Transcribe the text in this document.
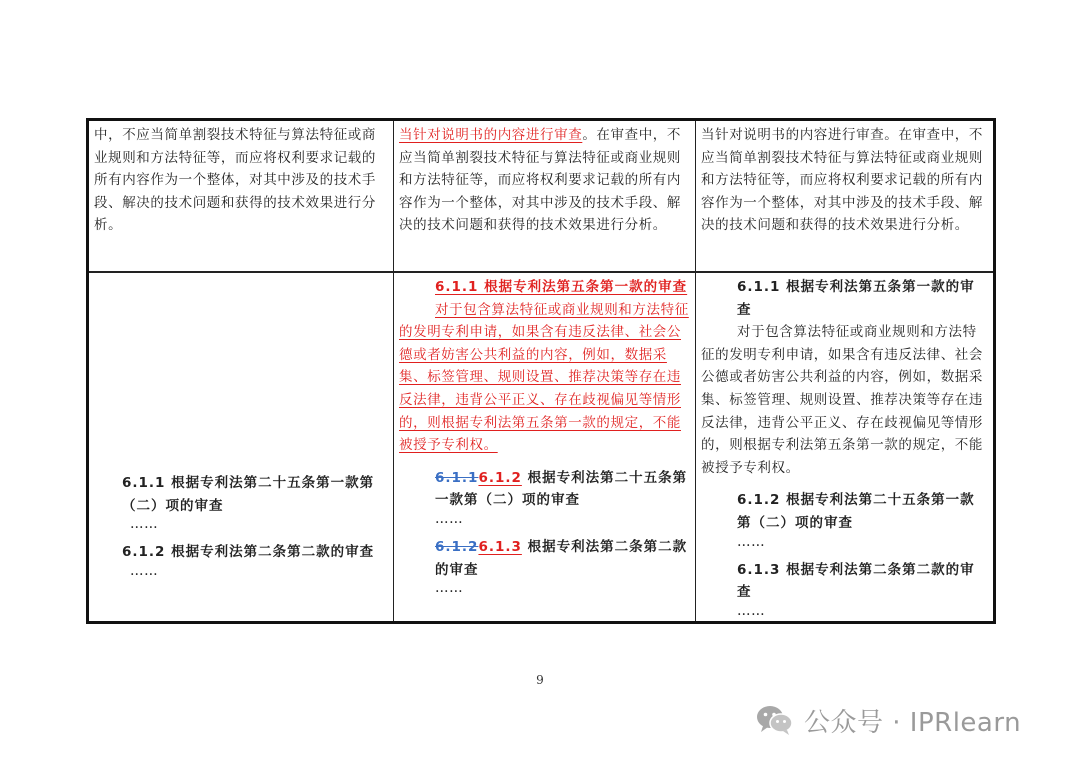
中，不应当简单割裂技术特征与算法特征或商业规则和方法特征等，而应将权利要求记载的所有内容作为一个整体，对其中涉及的技术手段、解决的技术问题和获得的技术效果进行分析。
当针对说明书的内容进行审查。在审查中，不应当简单割裂技术特征与算法特征或商业规则和方法特征等，而应将权利要求记载的所有内容作为一个整体，对其中涉及的技术手段、解决的技术问题和获得的技术效果进行分析。
当针对说明书的内容进行审查。在审查中，不应当简单割裂技术特征与算法特征或商业规则和方法特征等，而应将权利要求记载的所有内容作为一个整体，对其中涉及的技术手段、解决的技术问题和获得的技术效果进行分析。
6.1.1 根据专利法第二十五条第一款第（二）项的审查
……
6.1.2 根据专利法第二条第二款的审查
……
6.1.1 根据专利法第五条第一款的审查
对于包含算法特征或商业规则和方法特征的发明专利申请，如果含有违反法律、社会公德或者妨害公共利益的内容，例如，数据采集、标签管理、规则设置、推荐决策等存在违反法律，违背公平正义、存在歧视偏见等情形的，则根据专利法第五条第一款的规定，不能被授予专利权。
6.1.16.1.2 根据专利法第二十五条第一款第（二）项的审查
……
6.1.26.1.3 根据专利法第二条第二款的审查
……
6.1.1 根据专利法第五条第一款的审查
对于包含算法特征或商业规则和方法特征的发明专利申请，如果含有违反法律、社会公德或者妨害公共利益的内容，例如，数据采集、标签管理、规则设置、推荐决策等存在违反法律，违背公平正义、存在歧视偏见等情形的，则根据专利法第五条第一款的规定，不能被授予专利权。
6.1.2 根据专利法第二十五条第一款第（二）项的审查
……
6.1.3 根据专利法第二条第二款的审查
……
9
公众号 · IPRlearn
